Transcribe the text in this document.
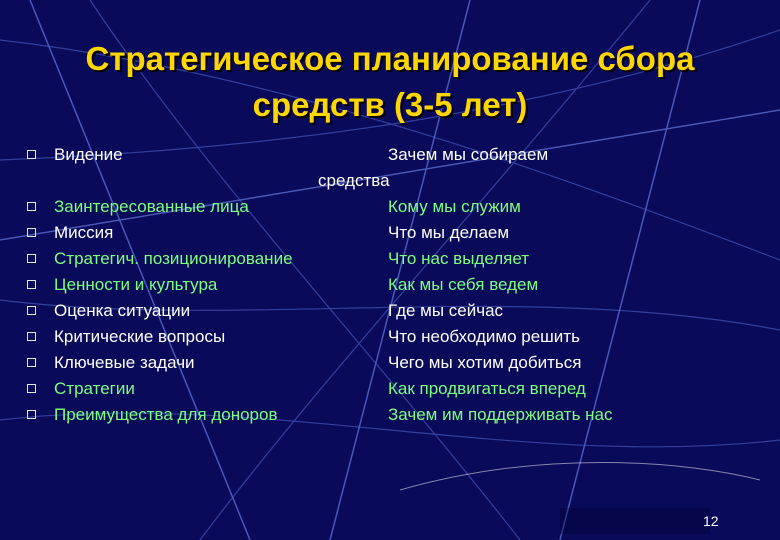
Стратегическое планирование сбора
средств (3-5 лет)
Видение	Зачем мы собираем
Заинтересованные лица	Кому мы служим
Миссия	Что мы делаем
Стратегич. позиционирование	Что нас выделяет
Ценности и культура	Как мы себя ведем
Оценка ситуации	Где мы сейчас
Критические вопросы	Что необходимо решить
Ключевые задачи	Чего мы хотим добиться
Стратегии	Как продвигаться вперед
Преимущества для доноров	Зачем им поддерживать нас
средства
12
